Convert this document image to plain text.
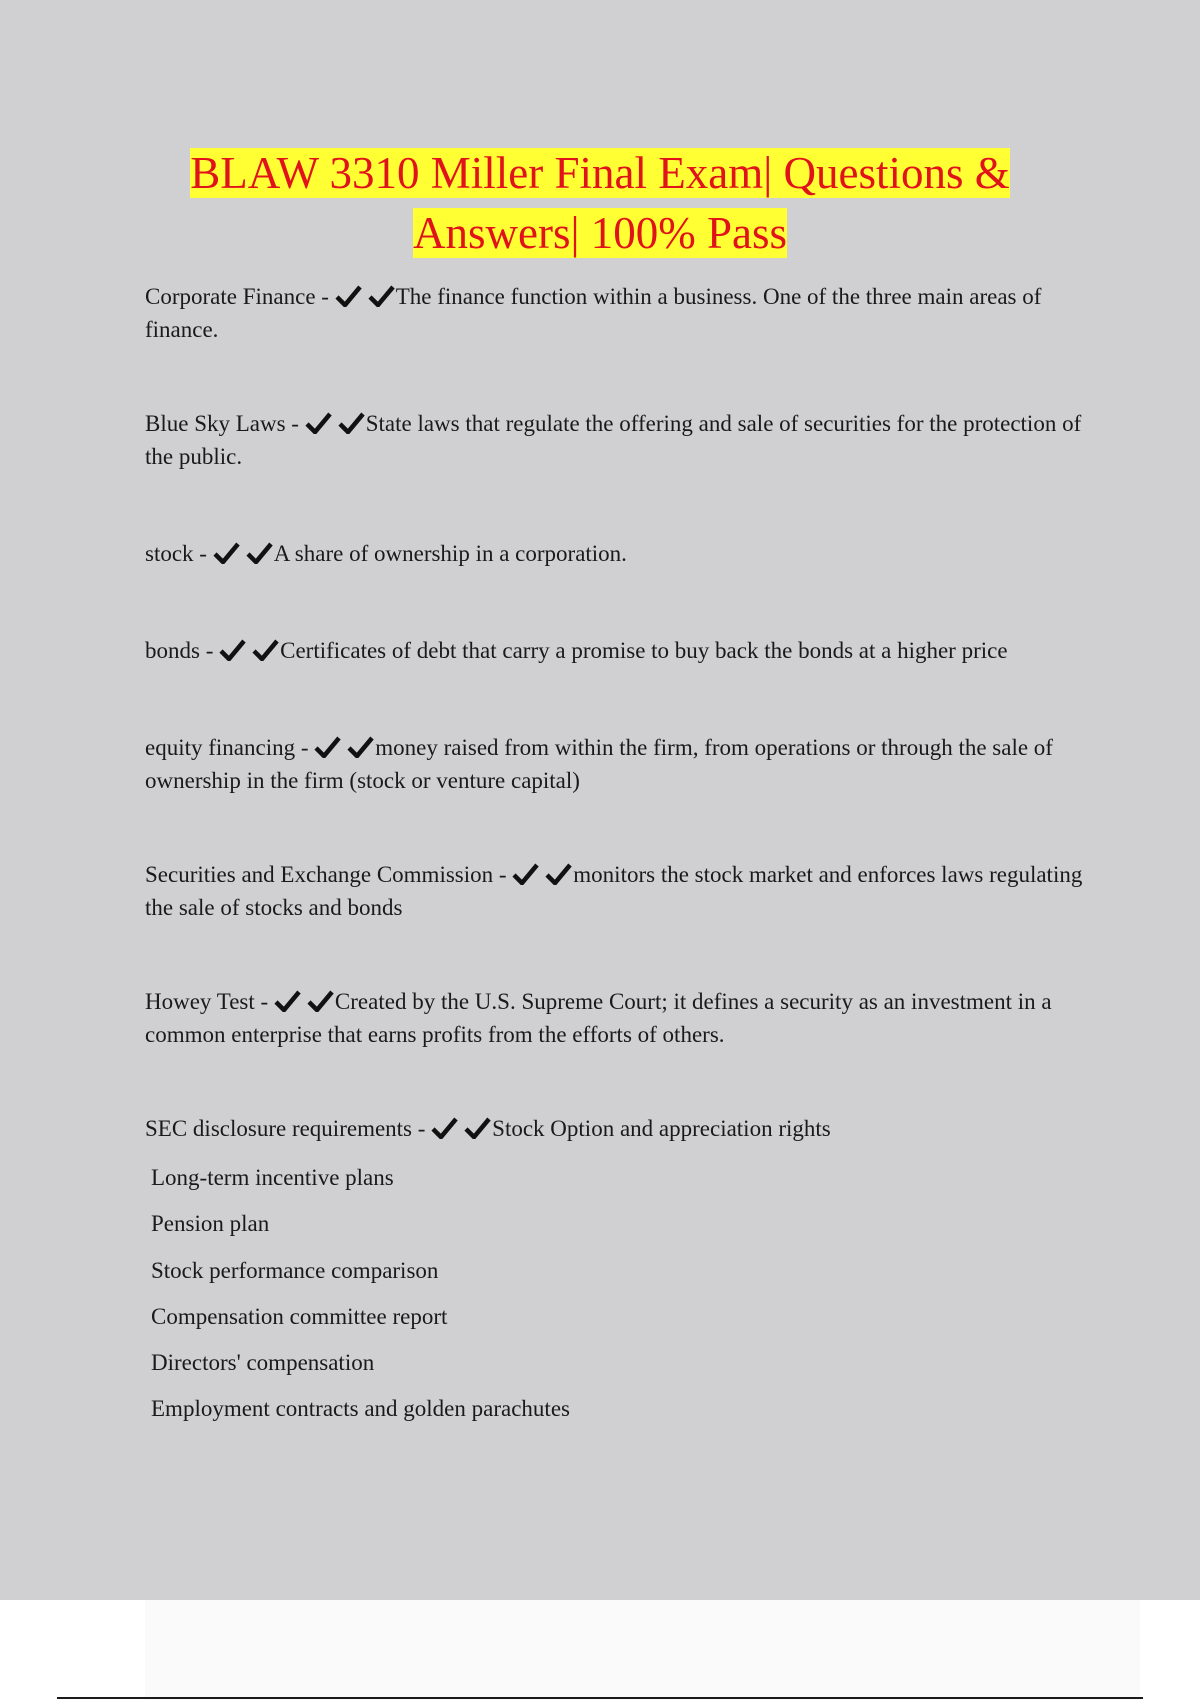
BLAW 3310 Miller Final Exam| Questions &
Answers| 100% Pass
Corporate Finance -	The finance function within a business. One of the three main areas of finance.
Blue Sky Laws -	State laws that regulate the offering and sale of securities for the protection of the public.
stock -	A share of ownership in a corporation.
bonds -	Certificates of debt that carry a promise to buy back the bonds at a higher price
equity financing -	money raised from within the firm, from operations or through the sale of ownership in the firm (stock or venture capital)
Securities and Exchange Commission -	monitors the stock market and enforces laws regulating the sale of stocks and bonds
Howey Test -	Created by the U.S. Supreme Court; it defines a security as an investment in a common enterprise that earns profits from the efforts of others.
SEC disclosure requirements -	Stock Option and appreciation rights
Long-term incentive plans
Pension plan
Stock performance comparison
Compensation committee report
Directors' compensation
Employment contracts and golden parachutes
